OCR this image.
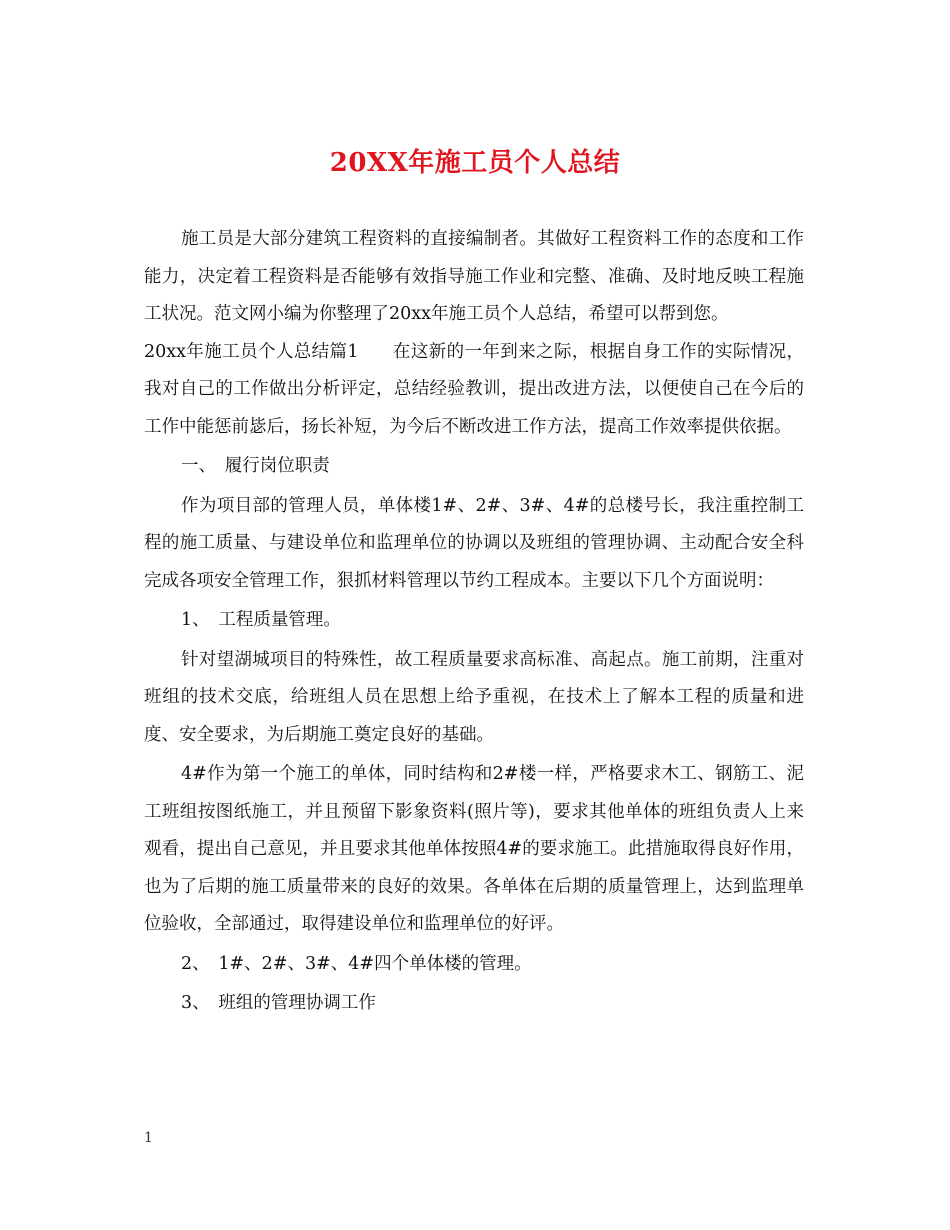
20XX年施工员个人总结

施工员是大部分建筑工程资料的直接编制者。其做好工程资料工作的态度和工作能力，决定着工程资料是否能够有效指导施工作业和完整、准确、及时地反映工程施工状况。范文网小编为你整理了20xx年施工员个人总结，希望可以帮到您。

20xx年施工员个人总结篇1 在这新的一年到来之际，根据自身工作的实际情况，我对自己的工作做出分析评定，总结经验教训，提出改进方法，以便使自己在今后的工作中能惩前毖后，扬长补短，为今后不断改进工作方法，提高工作效率提供依据。

一、　履行岗位职责

作为项目部的管理人员，单体楼1#、2#、3#、4#的总楼号长，我注重控制工程的施工质量、与建设单位和监理单位的协调以及班组的管理协调、主动配合安全科完成各项安全管理工作，狠抓材料管理以节约工程成本。主要以下几个方面说明：

1、　工程质量管理。

针对望湖城项目的特殊性，故工程质量要求高标准、高起点。施工前期，注重对班组的技术交底，给班组人员在思想上给予重视，在技术上了解本工程的质量和进度、安全要求，为后期施工奠定良好的基础。

4#作为第一个施工的单体，同时结构和2#楼一样，严格要求木工、钢筋工、泥工班组按图纸施工，并且预留下影象资料(照片等)，要求其他单体的班组负责人上来观看，提出自己意见，并且要求其他单体按照4#的要求施工。此措施取得良好作用，也为了后期的施工质量带来的良好的效果。各单体在后期的质量管理上，达到监理单位验收，全部通过，取得建设单位和监理单位的好评。

2、　1#、2#、3#、4#四个单体楼的管理。

3、　班组的管理协调工作

1
